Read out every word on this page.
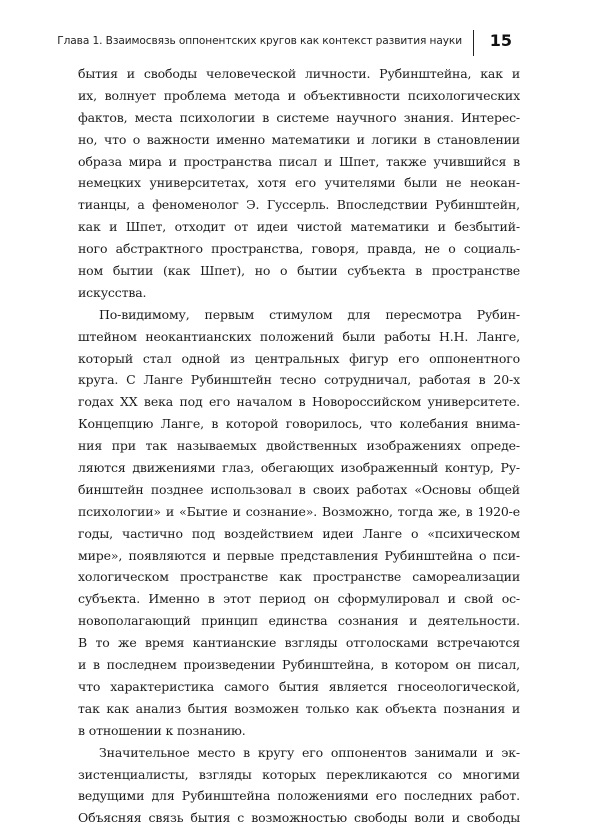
Глава 1. Взаимосвязь оппонентских кругов как контекст развития науки 15
бытия и свободы человеческой личности. Рубинштейна, как и
их, волнует проблема метода и объективности психологических
фактов, места психологии в системе научного знания. Интерес-
но, что о важности именно математики и логики в становлении
образа мира и пространства писал и Шпет, также учившийся в
немецких университетах, хотя его учителями были не неокан-
тианцы, а феноменолог Э. Гуссерль. Впоследствии Рубинштейн,
как и Шпет, отходит от идеи чистой математики и безбытий-
ного абстрактного пространства, говоря, правда, не о социаль-
ном бытии (как Шпет), но о бытии субъекта в пространстве
искусства.
По-видимому, первым стимулом для пересмотра Рубин-
штейном неокантианских положений были работы Н.Н. Ланге,
который стал одной из центральных фигур его оппонентного
круга. С Ланге Рубинштейн тесно сотрудничал, работая в 20-х
годах XX века под его началом в Новороссийском университете.
Концепцию Ланге, в которой говорилось, что колебания внима-
ния при так называемых двойственных изображениях опреде-
ляются движениями глаз, обегающих изображенный контур, Ру-
бинштейн позднее использовал в своих работах «Основы общей
психологии» и «Бытие и сознание». Возможно, тогда же, в 1920-е
годы, частично под воздействием идеи Ланге о «психическом
мире», появляются и первые представления Рубинштейна о пси-
хологическом пространстве как пространстве самореализации
субъекта. Именно в этот период он сформулировал и свой ос-
новополагающий принцип единства сознания и деятельности.
В то же время кантианские взгляды отголосками встречаются
и в последнем произведении Рубинштейна, в котором он писал,
что характеристика самого бытия является гносеологической,
так как анализ бытия возможен только как объекта познания и
в отношении к познанию.
Значительное место в кругу его оппонентов занимали и эк-
зистенциалисты, взгляды которых перекликаются со многими
ведущими для Рубинштейна положениями его последних работ.
Объясняя связь бытия с возможностью свободы воли и свободы
